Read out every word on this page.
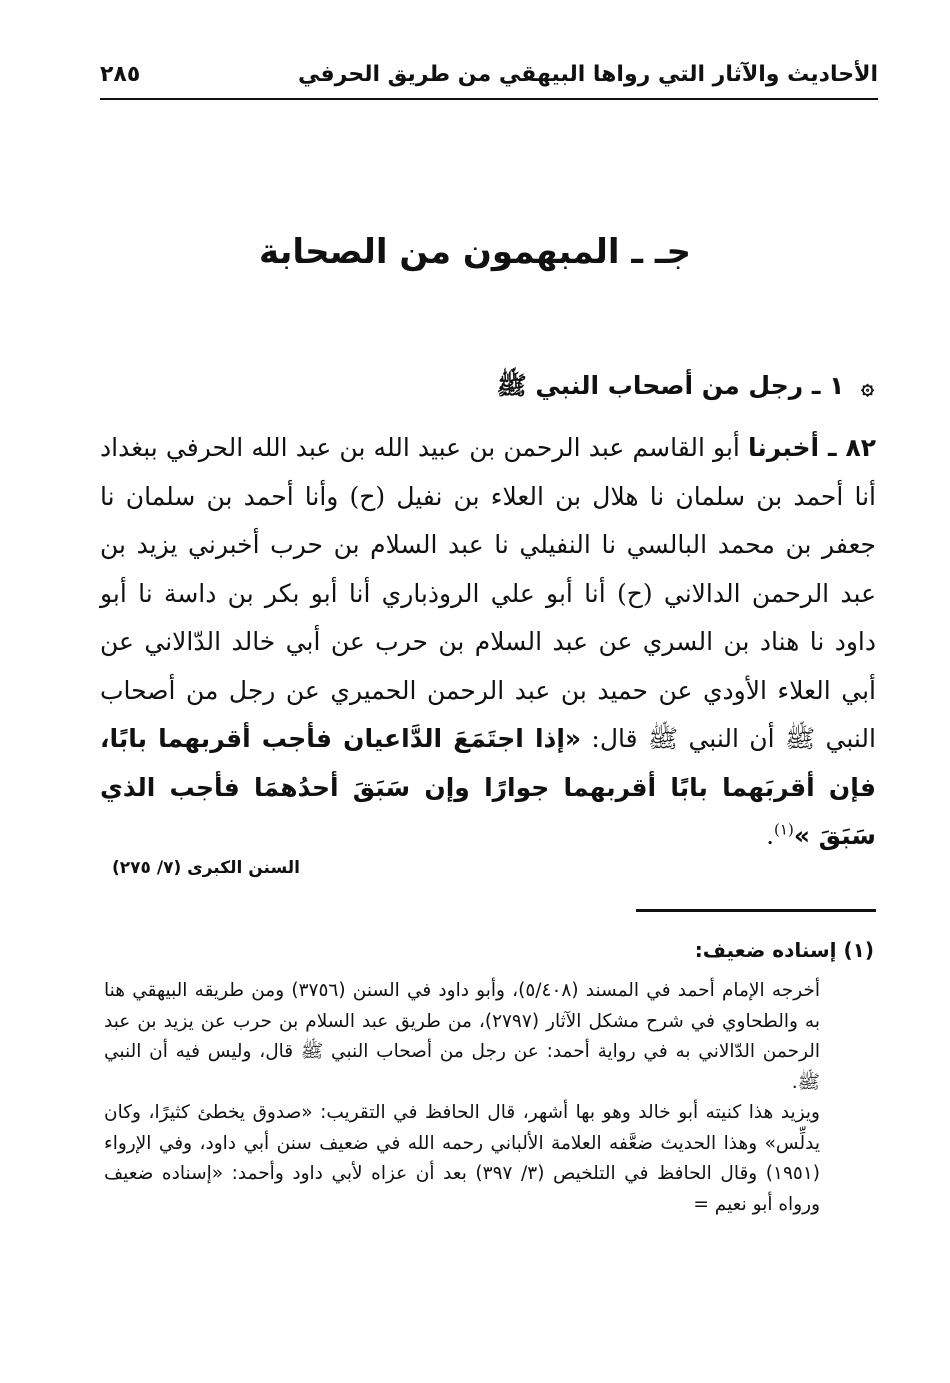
الأحاديث والآثار التي رواها البيهقي من طريق الحرفي
٢٨٥
جـ ـ المبهمون من الصحابة
۞ ١ ـ رجل من أصحاب النبي ﷺ
٨٢ ـ أخبرنا أبو القاسم عبد الرحمن بن عبيد الله بن عبد الله الحرفي ببغداد أنا أحمد بن سلمان نا هلال بن العلاء بن نفيل (ح) وأنا أحمد بن سلمان نا جعفر بن محمد البالسي نا النفيلي نا عبد السلام بن حرب أخبرني يزيد بن عبد الرحمن الدالاني (ح) أنا أبو علي الروذباري أنا أبو بكر بن داسة نا أبو داود نا هناد بن السري عن عبد السلام بن حرب عن أبي خالد الدّالاني عن أبي العلاء الأودي عن حميد بن عبد الرحمن الحميري عن رجل من أصحاب النبي ﷺ أن النبي ﷺ قال: «إذا اجتَمَعَ الدَّاعيان فأجب أقربهما بابًا، فإن أقربَهما بابًا أقربهما جوارًا وإن سَبَقَ أحدُهمَا فأجب الذي سَبَقَ »$^{(١)}$.
السنن الكبرى (٧/ ٢٧٥)
(١) إسناده ضعيف:

أخرجه الإمام أحمد في المسند (٥/٤٠٨)، وأبو داود في السنن (٣٧٥٦) ومن طريقه البيهقي هنا به والطحاوي في شرح مشكل الآثار (٢٧٩٧)، من طريق عبد السلام بن حرب عن يزيد بن عبد الرحمن الدّالاني به في رواية أحمد: عن رجل من أصحاب النبي ﷺ قال، وليس فيه أن النبي ﷺ.

ويزيد هذا كنيته أبو خالد وهو بها أشهر، قال الحافظ في التقريب: «صدوق يخطئ كثيرًا، وكان يدلِّس» وهذا الحديث ضعَّفه العلامة الألباني رحمه الله في ضعيف سنن أبي داود، وفي الإرواء (١٩٥١) وقال الحافظ في التلخيص (٣/ ٣٩٧) بعد أن عزاه لأبي داود وأحمد: «إسناده ضعيف ورواه أبو نعيم =
